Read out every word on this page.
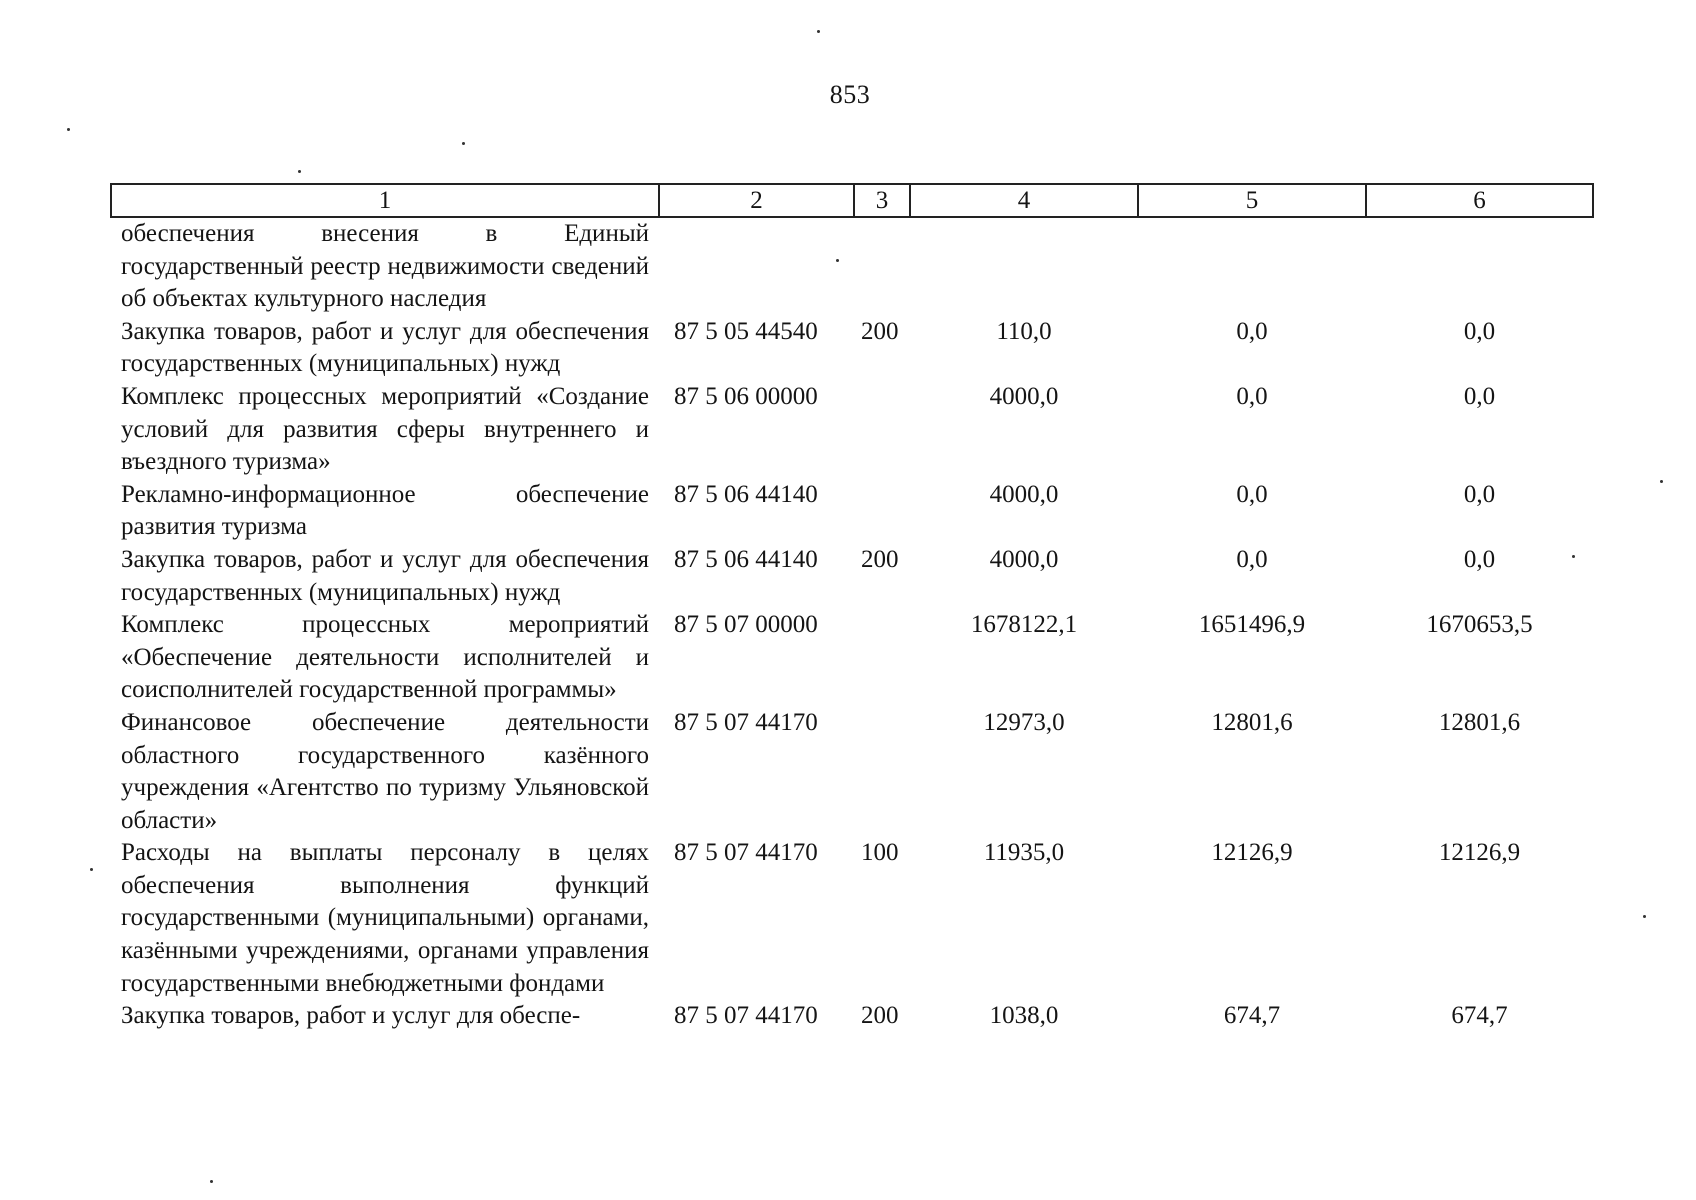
853
1	2	3	4	5	6
обеспечения внесения в Единый государственный реестр недвижимости сведений об объектах культурного наследия					
Закупка товаров, работ и услуг для обеспечения государственных (муниципальных) нужд	87 5 05 44540	200	110,0	0,0	0,0
Комплекс процессных мероприятий «Создание условий для развития сферы внутреннего и въездного туризма»	87 5 06 00000		4000,0	0,0	0,0
Рекламно-информационное обеспечение развития туризма	87 5 06 44140		4000,0	0,0	0,0
Закупка товаров, работ и услуг для обеспечения государственных (муниципальных) нужд	87 5 06 44140	200	4000,0	0,0	0,0
Комплекс процессных мероприятий «Обеспечение деятельности исполнителей и соисполнителей государственной программы»	87 5 07 00000		1678122,1	1651496,9	1670653,5
Финансовое обеспечение деятельности областного государственного казённого учреждения «Агентство по туризму Ульяновской области»	87 5 07 44170		12973,0	12801,6	12801,6
Расходы на выплаты персоналу в целях обеспечения выполнения функций государственными (муниципальными) органами, казёнными учреждениями, органами управления государственными внебюджетными фондами	87 5 07 44170	100	11935,0	12126,9	12126,9
Закупка товаров, работ и услуг для обеспе-	87 5 07 44170	200	1038,0	674,7	674,7
